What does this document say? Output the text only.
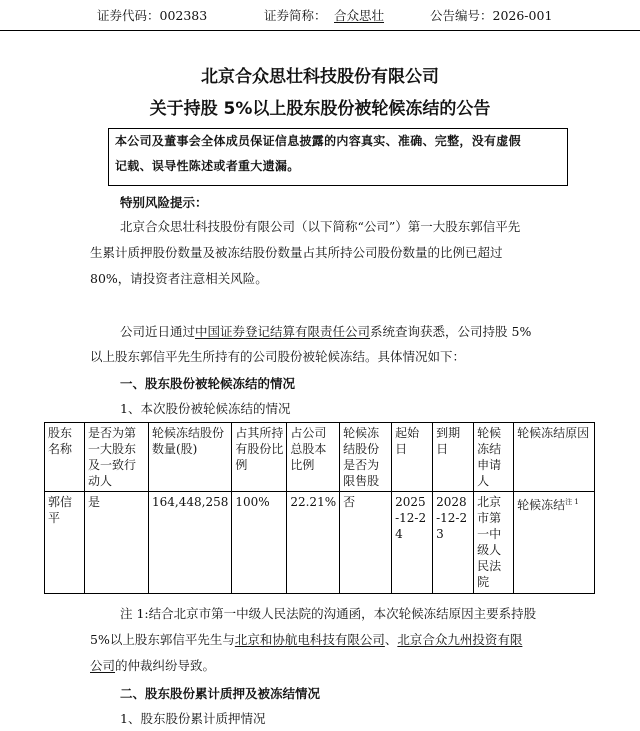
证券代码：002383	证券简称： 合众思壮	公告编号：2026-001
北京合众思壮科技股份有限公司
关于持股 5%以上股东股份被轮候冻结的公告
本公司及董事会全体成员保证信息披露的内容真实、准确、完整，没有虚假
记载、误导性陈述或者重大遗漏。
特别风险提示：
北京合众思壮科技股份有限公司（以下简称“公司”）第一大股东郭信平先
生累计质押股份数量及被冻结股份数量占其所持公司股份数量的比例已超过
80%，请投资者注意相关风险。
公司近日通过中国证券登记结算有限责任公司系统查询获悉，公司持股 5%
以上股东郭信平先生所持有的公司股份被轮候冻结。具体情况如下：
一、股东股份被轮候冻结的情况
1、本次股份被轮候冻结的情况
股东名称	是否为第一大股东及一致行动人	轮候冻结股份数量(股)	占其所持有股份比例	占公司总股本比例	轮候冻结股份是否为限售股	起始日	到期日	轮候冻结申请人	轮候冻结原因
郭信平	是	164,448,258	100%	22.21%	否	2025-12-24	2028-12-23	北京市第一中级人民法院	轮候冻结$^{注 1}$
注 1:结合北京市第一中级人民法院的沟通函，本次轮候冻结原因主要系持股
5%以上股东郭信平先生与北京和协航电科技有限公司、北京合众九州投资有限
公司的仲裁纠纷导致。
二、股东股份累计质押及被冻结情况
1、股东股份累计质押情况
